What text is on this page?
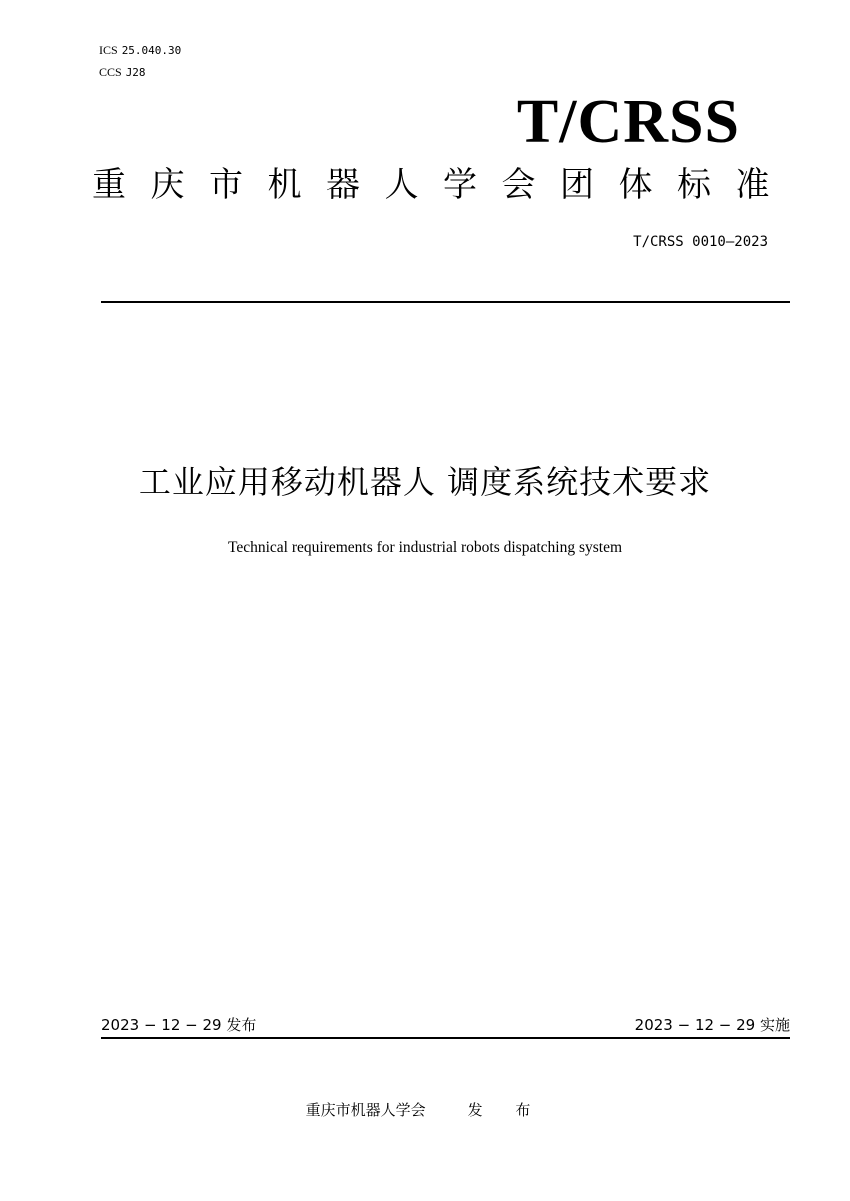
ICS 25.040.30
CCS J28
T/CRSS
重庆市机器人学会团体标准
T/CRSS 0010—2023
工业应用移动机器人 调度系统技术要求
Technical requirements for industrial robots dispatching system
2023 − 12 − 29 发布	2023 − 12 − 29 实施
重庆市机器人学会	发 布
